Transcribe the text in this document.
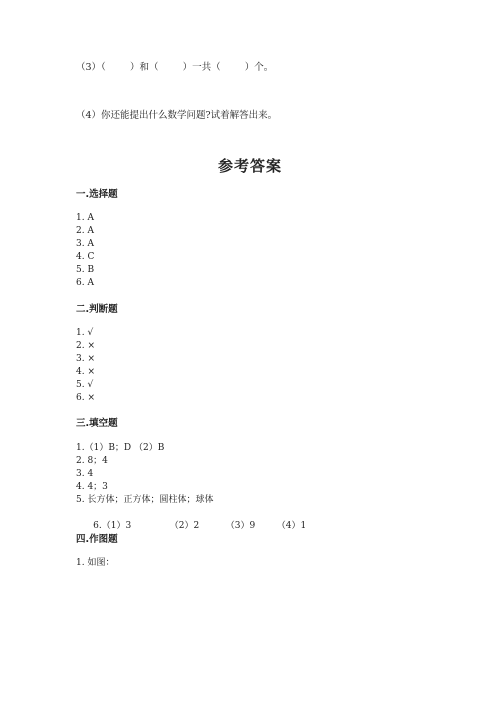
（3）（        ）和（        ）一共（        ）个。
（4）你还能提出什么数学问题?试着解答出来。
参考答案
一.选择题
1. A
2. A
3. A
4. C
5. B
6. A
二.判断题
1. √
2. ×
3. ×
4. ×
5. √
6. ×
三.填空题
1.（1）B；D （2）B
2. 8；4
3. 4
4. 4；3
5. 长方体；正方体；圆柱体；球体

6.（1）3	（2）2	（3）9 （4）1

四.作图题
1. 如图：
